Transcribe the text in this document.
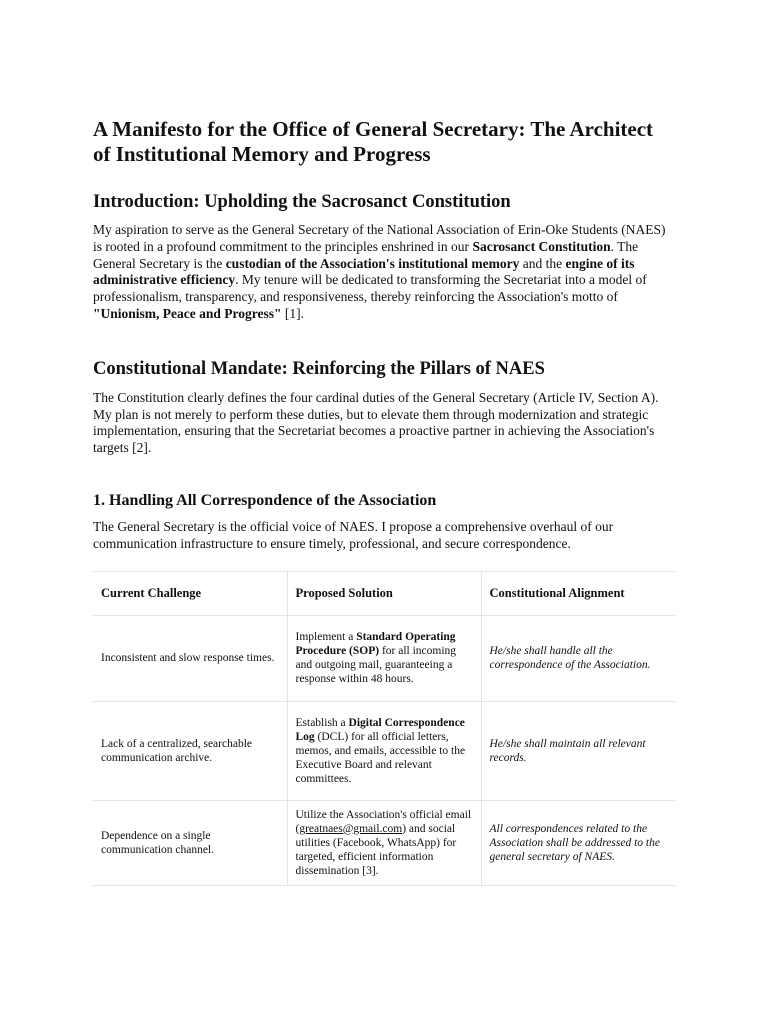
A Manifesto for the Office of General Secretary: The Architect of Institutional Memory and Progress
Introduction: Upholding the Sacrosanct Constitution

My aspiration to serve as the General Secretary of the National Association of Erin-Oke Students (NAES) is rooted in a profound commitment to the principles enshrined in our Sacrosanct Constitution. The General Secretary is the custodian of the Association's institutional memory and the engine of its administrative efficiency. My tenure will be dedicated to transforming the Secretariat into a model of professionalism, transparency, and responsiveness, thereby reinforcing the Association's motto of "Unionism, Peace and Progress" [1].

Constitutional Mandate: Reinforcing the Pillars of NAES

The Constitution clearly defines the four cardinal duties of the General Secretary (Article IV, Section A). My plan is not merely to perform these duties, but to elevate them through modernization and strategic implementation, ensuring that the Secretariat becomes a proactive partner in achieving the Association's targets [2].

1. Handling All Correspondence of the Association

The General Secretary is the official voice of NAES. I propose a comprehensive overhaul of our communication infrastructure to ensure timely, professional, and secure correspondence.

Current Challenge	Proposed Solution	Constitutional Alignment
Inconsistent and slow response times.	Implement a Standard Operating Procedure (SOP) for all incoming and outgoing mail, guaranteeing a response within 48 hours.	He/she shall handle all the correspondence of the Association.
Lack of a centralized, searchable communication archive.	Establish a Digital Correspondence Log (DCL) for all official letters, memos, and emails, accessible to the Executive Board and relevant committees.	He/she shall maintain all relevant records.
Dependence on a single communication channel.	Utilize the Association's official email (greatnaes@gmail.com) and social utilities (Facebook, WhatsApp) for targeted, efficient information dissemination [3].	All correspondences related to the Association shall be addressed to the general secretary of NAES.
